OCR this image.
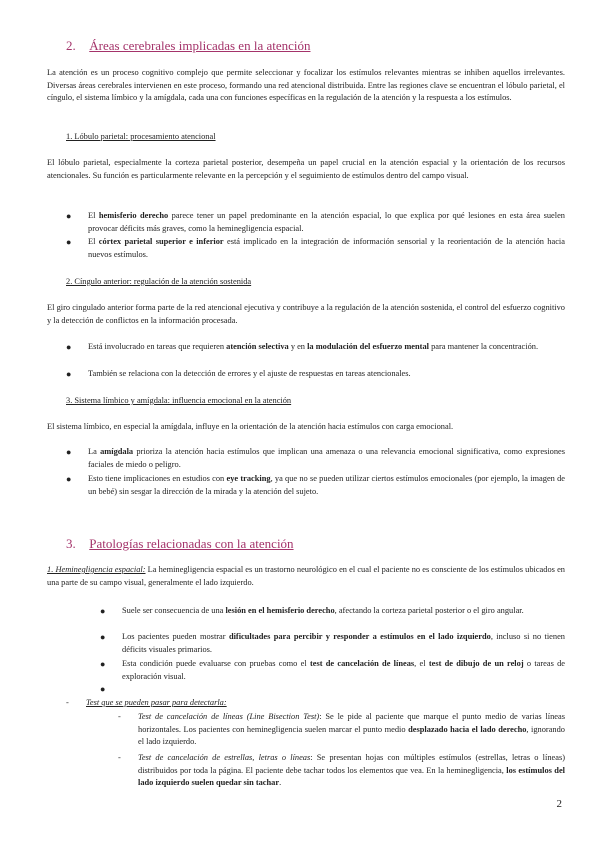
2. Áreas cerebrales implicadas en la atención
La atención es un proceso cognitivo complejo que permite seleccionar y focalizar los estímulos relevantes mientras se inhiben aquellos irrelevantes. Diversas áreas cerebrales intervienen en este proceso, formando una red atencional distribuida. Entre las regiones clave se encuentran el lóbulo parietal, el cíngulo, el sistema límbico y la amígdala, cada una con funciones específicas en la regulación de la atención y la respuesta a los estímulos.
1. Lóbulo parietal: procesamiento atencional
El lóbulo parietal, especialmente la corteza parietal posterior, desempeña un papel crucial en la atención espacial y la orientación de los recursos atencionales. Su función es particularmente relevante en la percepción y el seguimiento de estímulos dentro del campo visual.
● El hemisferio derecho parece tener un papel predominante en la atención espacial, lo que explica por qué lesiones en esta área suelen provocar déficits más graves, como la heminegligencia espacial.
● El córtex parietal superior e inferior está implicado en la integración de información sensorial y la reorientación de la atención hacia nuevos estímulos.
2. Cíngulo anterior: regulación de la atención sostenida
El giro cingulado anterior forma parte de la red atencional ejecutiva y contribuye a la regulación de la atención sostenida, el control del esfuerzo cognitivo y la detección de conflictos en la información procesada.
● Está involucrado en tareas que requieren atención selectiva y en la modulación del esfuerzo mental para mantener la concentración.
● También se relaciona con la detección de errores y el ajuste de respuestas en tareas atencionales.
3. Sistema límbico y amígdala: influencia emocional en la atención
El sistema límbico, en especial la amígdala, influye en la orientación de la atención hacia estímulos con carga emocional.
● La amígdala prioriza la atención hacia estímulos que implican una amenaza o una relevancia emocional significativa, como expresiones faciales de miedo o peligro.
● Esto tiene implicaciones en estudios con eye tracking, ya que no se pueden utilizar ciertos estímulos emocionales (por ejemplo, la imagen de un bebé) sin sesgar la dirección de la mirada y la atención del sujeto.
3. Patologías relacionadas con la atención
1. Heminegligencia espacial: La heminegligencia espacial es un trastorno neurológico en el cual el paciente no es consciente de los estímulos ubicados en una parte de su campo visual, generalmente el lado izquierdo.
● Suele ser consecuencia de una lesión en el hemisferio derecho, afectando la corteza parietal posterior o el giro angular.
● Los pacientes pueden mostrar dificultades para percibir y responder a estímulos en el lado izquierdo, incluso si no tienen déficits visuales primarios.
● Esta condición puede evaluarse con pruebas como el test de cancelación de líneas, el test de dibujo de un reloj o tareas de exploración visual.
●
- Test que se pueden pasar para detectarla:
- Test de cancelación de líneas (Line Bisection Test): Se le pide al paciente que marque el punto medio de varias líneas horizontales. Los pacientes con heminegligencia suelen marcar el punto medio desplazado hacia el lado derecho, ignorando el lado izquierdo.
- Test de cancelación de estrellas, letras o líneas: Se presentan hojas con múltiples estímulos (estrellas, letras o líneas) distribuidos por toda la página. El paciente debe tachar todos los elementos que vea. En la heminegligencia, los estímulos del lado izquierdo suelen quedar sin tachar.
2
